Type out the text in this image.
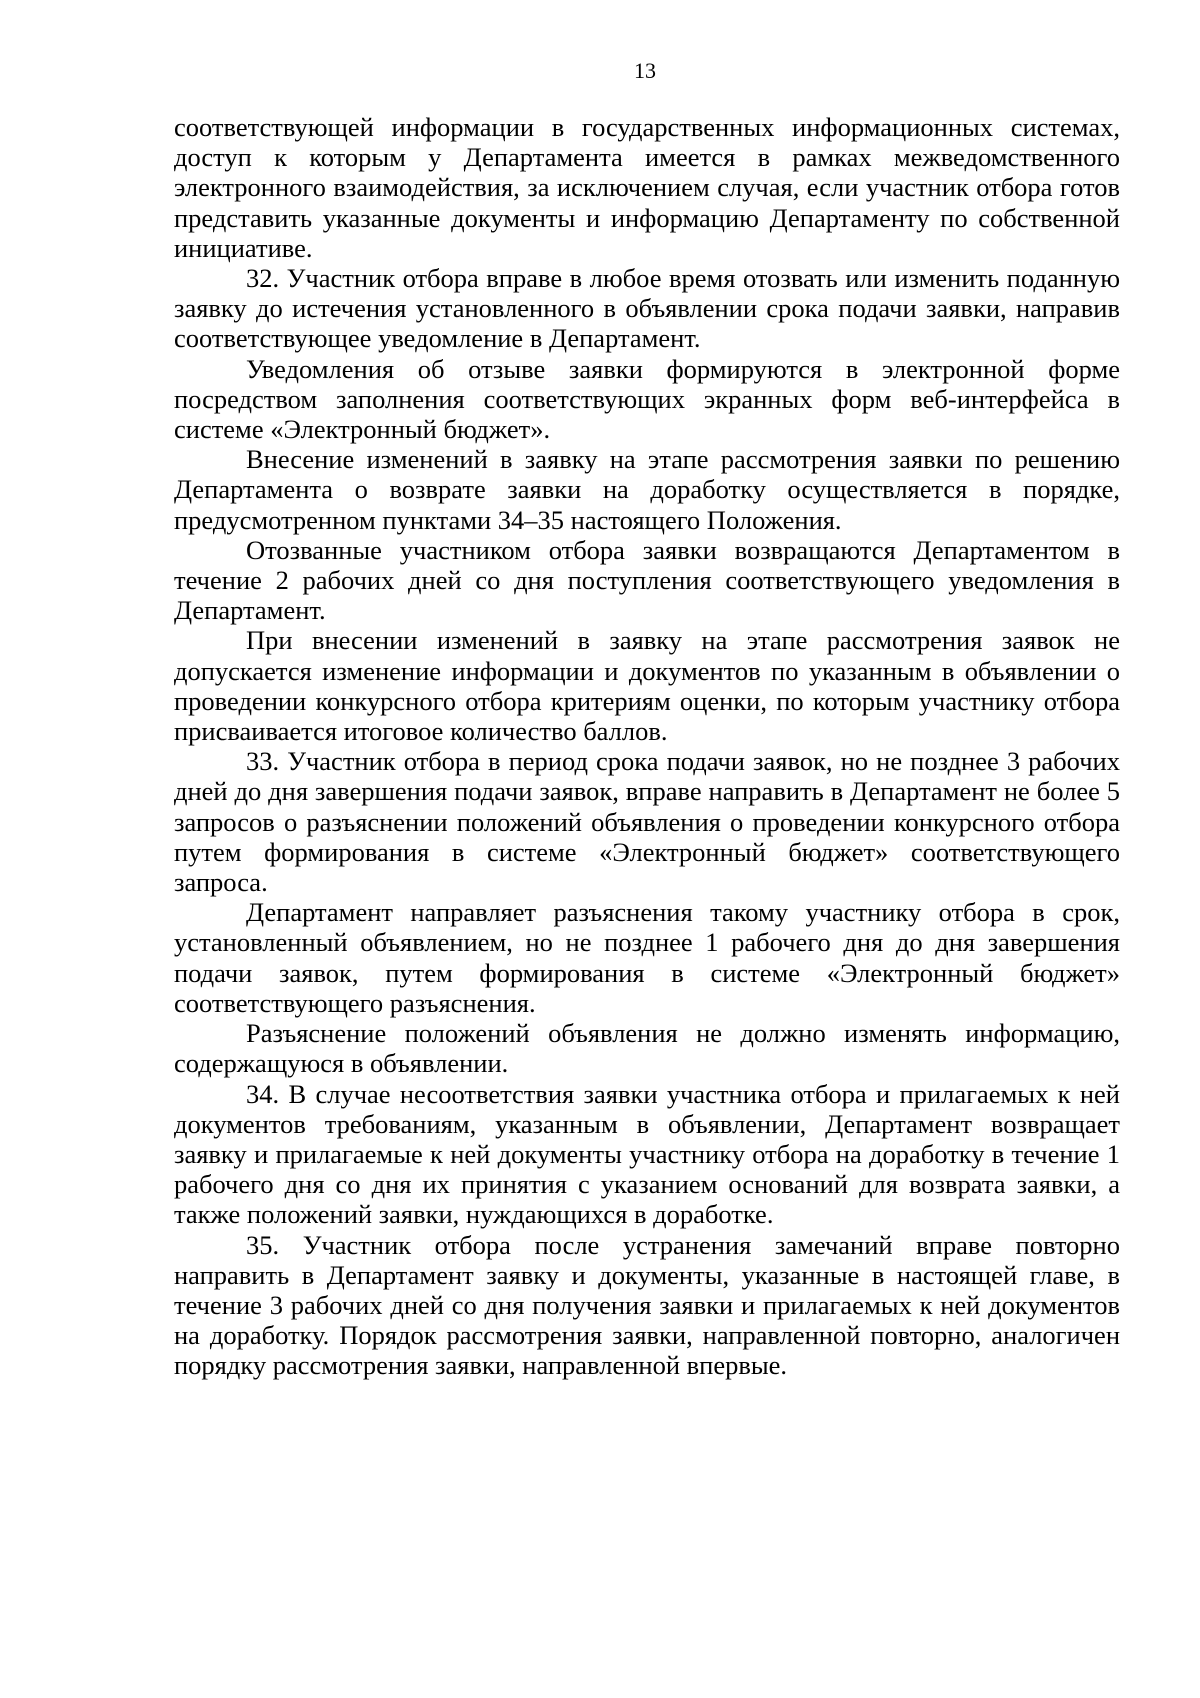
13

соответствующей информации в государственных информационных системах, доступ к которым у Департамента имеется в рамках межведомственного электронного взаимодействия, за исключением случая, если участник отбора готов представить указанные документы и информацию Департаменту по собственной инициативе.

32. Участник отбора вправе в любое время отозвать или изменить поданную заявку до истечения установленного в объявлении срока подачи заявки, направив соответствующее уведомление в Департамент.

Уведомления об отзыве заявки формируются в электронной форме посредством заполнения соответствующих экранных форм веб-интерфейса в системе «Электронный бюджет».

Внесение изменений в заявку на этапе рассмотрения заявки по решению Департамента о возврате заявки на доработку осуществляется в порядке, предусмотренном пунктами 34–35 настоящего Положения.

Отозванные участником отбора заявки возвращаются Департаментом в течение 2 рабочих дней со дня поступления соответствующего уведомления в Департамент.

При внесении изменений в заявку на этапе рассмотрения заявок не допускается изменение информации и документов по указанным в объявлении о проведении конкурсного отбора критериям оценки, по которым участнику отбора присваивается итоговое количество баллов.

33. Участник отбора в период срока подачи заявок, но не позднее 3 рабочих дней до дня завершения подачи заявок, вправе направить в Департамент не более 5 запросов о разъяснении положений объявления о проведении конкурсного отбора путем формирования в системе «Электронный бюджет» соответствующего запроса.

Департамент направляет разъяснения такому участнику отбора в срок, установленный объявлением, но не позднее 1 рабочего дня до дня завершения подачи заявок, путем формирования в системе «Электронный бюджет» соответствующего разъяснения.

Разъяснение положений объявления не должно изменять информацию, содержащуюся в объявлении.

34. В случае несоответствия заявки участника отбора и прилагаемых к ней документов требованиям, указанным в объявлении, Департамент возвращает заявку и прилагаемые к ней документы участнику отбора на доработку в течение 1 рабочего дня со дня их принятия с указанием оснований для возврата заявки, а также положений заявки, нуждающихся в доработке.

35. Участник отбора после устранения замечаний вправе повторно направить в Департамент заявку и документы, указанные в настоящей главе, в течение 3 рабочих дней со дня получения заявки и прилагаемых к ней документов на доработку. Порядок рассмотрения заявки, направленной повторно, аналогичен порядку рассмотрения заявки, направленной впервые.
